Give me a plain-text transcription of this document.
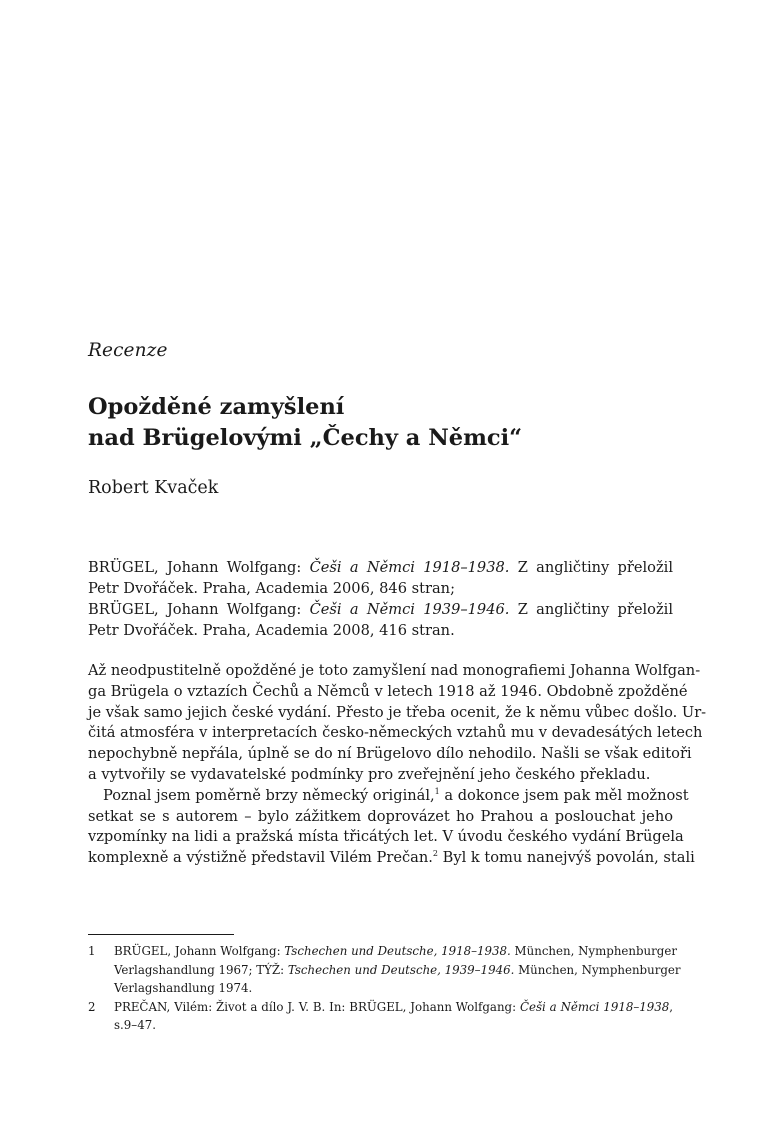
Recenze
Opožděné zamyšlení
nad Brügelovými „Čechy a Němci“
Robert Kvaček

BRÜGEL, Johann Wolfgang: Češi a Němci 1918–1938. Z angličtiny přeložil Petr Dvořáček. Praha, Academia 2006, 846 stran;

BRÜGEL, Johann Wolfgang: Češi a Němci 1939–1946. Z angličtiny přeložil Petr Dvořáček. Praha, Academia 2008, 416 stran.

Až neodpustitelně opožděné je toto zamyšlení nad monografiemi Johanna Wolfgan-
ga Brügela o vztazích Čechů a Němců v letech 1918 až 1946. Obdobně zpožděné
je však samo jejich české vydání. Přesto je třeba ocenit, že k němu vůbec došlo. Ur-
čitá atmosféra v interpretacích česko-německých vztahů mu v devadesátých letech
nepochybně nepřála, úplně se do ní Brügelovo dílo nehodilo. Našli se však editoři
a vytvořily se vydavatelské podmínky pro zveřejnění jeho českého překladu.
Poznal jsem poměrně brzy německý originál,$^1$ a dokonce jsem pak měl možnost
setkat se s autorem – bylo zážitkem doprovázet ho Prahou a poslouchat jeho
vzpomínky na lidi a pražská místa třicátých let. V úvodu českého vydání Brügela
komplexně a výstižně představil Vilém Prečan.$^2$ Byl k tomu nanejvýš povolán, stali
1 BRÜGEL, Johann Wolfgang: Tschechen und Deutsche, 1918–1938. München, Nymphenburger
Verlagshandlung 1967; TÝŽ: Tschechen und Deutsche, 1939–1946. München, Nymphenburger
Verlagshandlung 1974.
2 PREČAN, Vilém: Život a dílo J. V. B. In: BRÜGEL, Johann Wolfgang: Češi a Němci 1918–1938,
s.9–47.
